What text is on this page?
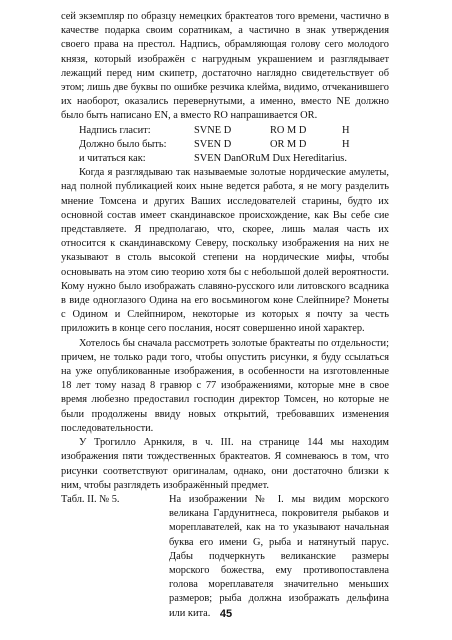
сей экземпляр по образцу немецких брактеатов того времени, частично в качестве подарка своим соратникам, а частично в знак утверждения своего права на престол. Надпись, обрамляющая голову сего молодого князя, который изображён с нагрудным украшением и разглядывает лежащий перед ним скипетр, достаточно наглядно свидетельствует об этом; лишь две буквы по ошибке резчика клейма, видимо, отчеканившего их наоборот, оказались перевернутыми, а именно, вместо NE должно было быть написано EN, а вместо RO напрашивается OR.

Надпись гласит:	SVNE D	RO M D	H
Должно было быть:	SVEN D	OR M D	H
и читаться как:	SVEN DanORuM Dux Hereditarius.		

Когда я разглядываю так называемые золотые нордические амулеты, над полной публикацией коих ныне ведется работа, я не могу разделить мнение Томсена и других Ваших исследователей старины, будто их основной состав имеет скандинавское происхождение, как Вы себе сие представляете. Я предполагаю, что, скорее, лишь малая часть их относится к скандинавскому Северу, поскольку изображения на них не указывают в столь высокой степени на нордические мифы, чтобы основывать на этом сию теорию хотя бы с небольшой долей вероятности. Кому нужно было изображать славяно-русского или литовского всадника в виде одноглазого Одина на его восьминогом коне Слейпнире? Монеты с Одином и Слейпниром, некоторые из которых я почту за честь приложить в конце сего послания, носят совершенно иной характер.

Хотелось бы сначала рассмотреть золотые брактеаты по отдельности; причем, не только ради того, чтобы опустить рисунки, я буду ссылаться на уже опубликованные изображения, в особенности на изготовленные 18 лет тому назад 8 гравюр с 77 изображениями, которые мне в свое время любезно предоставил господин директор Томсен, но которые не были продолжены ввиду новых открытий, требовавших изменения последовательности.

У Трогилло Арнкиля, в ч. III. на странице 144 мы находим изображения пяти тождественных брактеатов. Я сомневаюсь в том, что рисунки соответствуют оригиналам, однако, они достаточно близки к ним, чтобы разглядеть изображённый предмет.

Табл. II. № 5.	На изображении № I. мы видим морского великана Гардунитнеса, покровителя рыбаков и мореплавателей, как на то указывают начальная буква его имени G, рыба и натянутый парус. Дабы подчеркнуть великанские размеры морского божества, ему противопоставлена голова мореплавателя значительно меньших размеров; рыба должна изображать дельфина или кита. 45
